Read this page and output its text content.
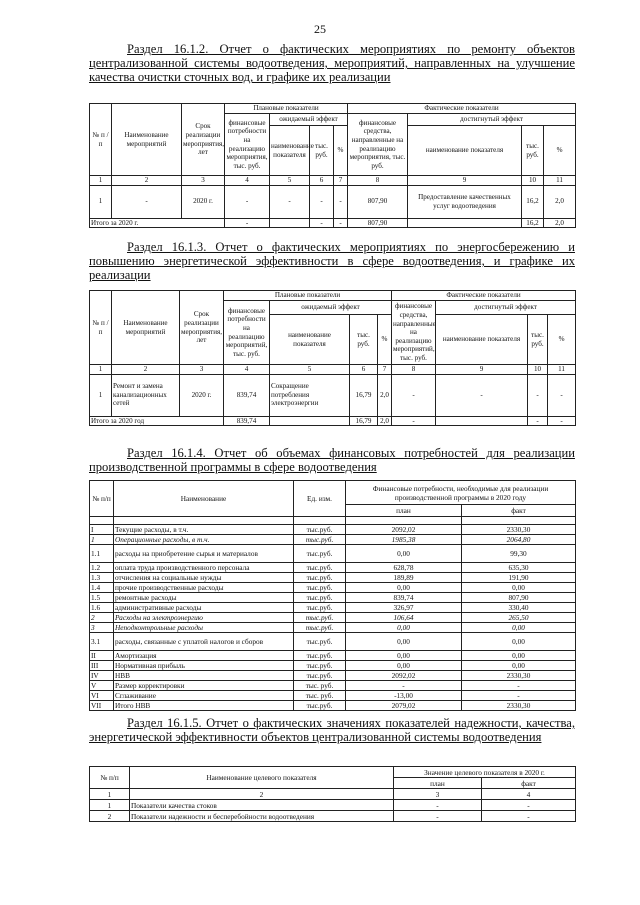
25
Раздел 16.1.2. Отчет о фактических мероприятиях по ремонту объектов централизованной системы водоотведения, мероприятий, направленных на улучшение качества очистки сточных вод, и графике их реализации
№ п / п	Наименование мероприятий	Срок реализации мероприятия, лет	Плановые показатели				Фактические показатели			
			финансовые потребности на реализацию мероприятия, тыс. руб.	ожидаемый эффект			финансовые средства, направленные на реализацию мероприятия, тыс. руб.	достигнутый эффект		
				наименование показателя	тыс. руб.	%		наименование показателя	тыс. руб.	%
1	2	3	4	5	6	7	8	9	10	11
1	-	2020 г.	-	-	-	-	807,90	Предоставление качественных услуг водоотведения	16,2	2,0
Итого за 2020 г.			-		-	-	807,90		16,2	2,0
Раздел 16.1.3. Отчет о фактических мероприятиях по энергосбережению и повышению энергетической эффективности в сфере водоотведения, и графике их реализации
№ п / п	Наименование мероприятий	Срок реализации мероприятия, лет	Плановые показатели				Фактические показатели			
			финансовые потребности на реализацию мероприятий, тыс. руб.	ожидаемый эффект			финансовые средства, направленные на реализацию мероприятий, тыс. руб.	достигнутый эффект		
				наименование показателя	тыс. руб.	%		наименование показателя	тыс. руб.	%
1	2	3	4	5	6	7	8	9	10	11
1	Ремонт и замена канализационных сетей	2020 г.	839,74	Сокращение потребления электроэнергии	16,79	2,0	-	-	-	-
Итого за 2020 год			839,74		16,79	2,0	-		-	-
Раздел 16.1.4. Отчет об объемах финансовых потребностей для реализации производственной программы в сфере водоотведения
№ п/п	Наименование	Ед. изм.	Финансовые потребности, необходимые для реализации производственной программы в 2020 году	
			план	факт

I	Текущие расходы, в т.ч.	тыс.руб.	2092,02	2330,30
1	Операционные расходы, в т.ч.	тыс.руб.	1985,38	2064,80
1.1	расходы на приобретение сырья и материалов	тыс.руб.	0,00	99,30
1.2	оплата труда производственного персонала	тыс.руб.	628,78	635,30
1.3	отчисления на социальные нужды	тыс.руб.	189,89	191,90
1.4	прочие производственные расходы	тыс.руб.	0,00	0,00
1.5	ремонтные расходы	тыс.руб.	839,74	807,90
1.6	административные расходы	тыс.руб.	326,97	330,40
2	Расходы на электроэнергию	тыс.руб.	106,64	265,50
3	Неподконтрольные расходы	тыс.руб.	0,00	0,00
3.1	расходы, связанные с уплатой налогов и сборов	тыс.руб.	0,00	0,00
II	Амортизация	тыс.руб.	0,00	0,00
III	Нормативная прибыль	тыс.руб.	0,00	0,00
IV	НВВ	тыс.руб.	2092,02	2330,30
V	Размер корректировки	тыс. руб.	-	-
VI	Сглаживание	тыс. руб.	-13,00	-
VII	Итого НВВ	тыс.руб.	2079,02	2330,30
Раздел 16.1.5. Отчет о фактических значениях показателей надежности, качества, энергетической эффективности объектов централизованной системы водоотведения
№ п/п	Наименование целевого показателя	Значение целевого показателя в 2020 г.	
		план	факт
1	2	3	4
1	Показатели качества стоков	-	-
2	Показатели надежности и бесперебойности водоотведения	-	-
